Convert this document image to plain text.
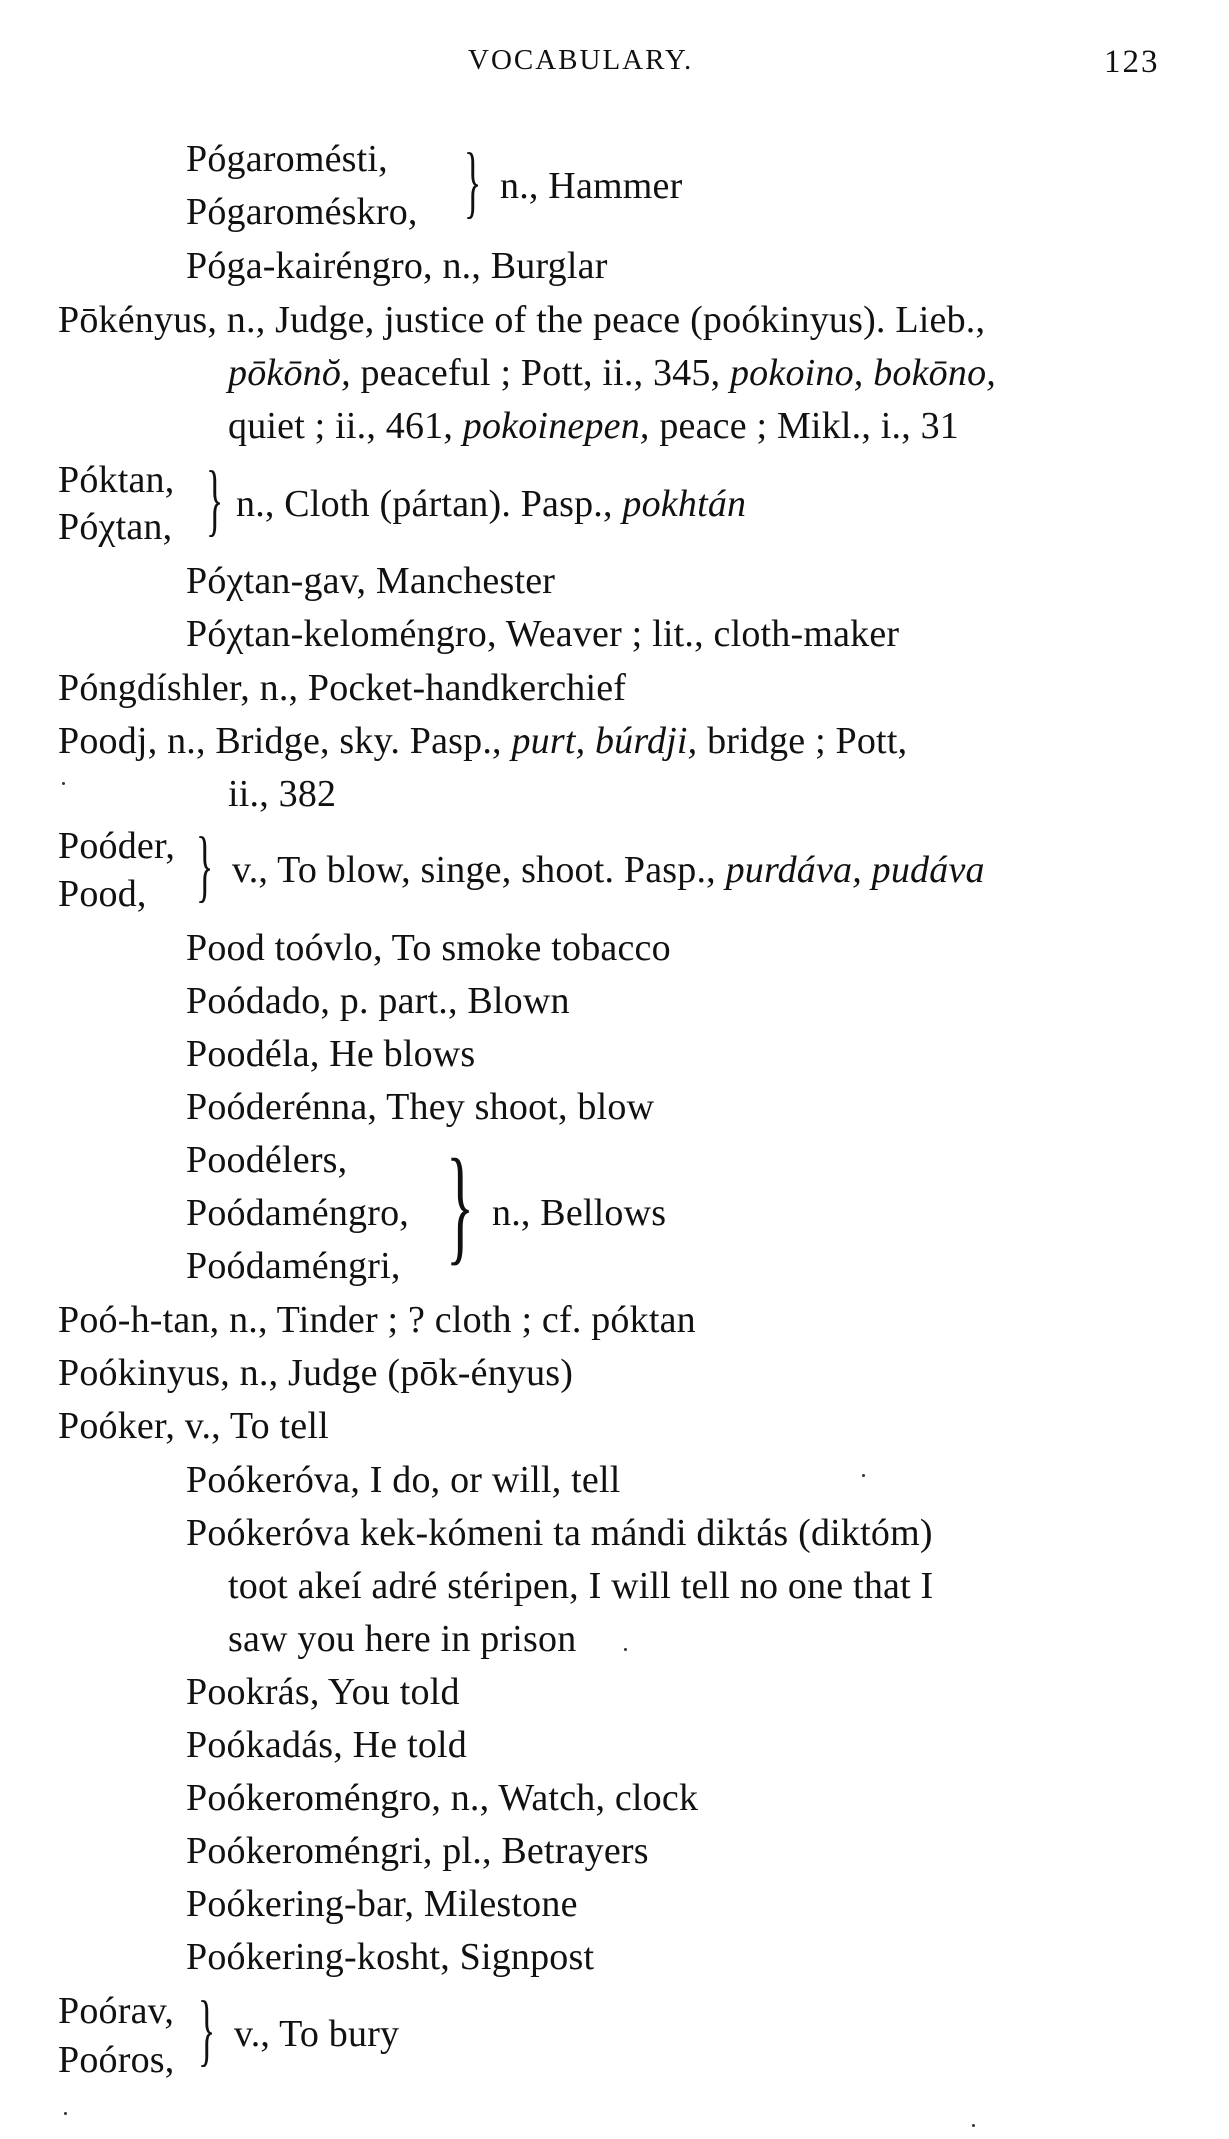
VOCABULARY.	123
Pógaromésti,
Pógaroméskro, } n., Hammer
Póga-kairéngro, n., Burglar
Pōkényus, n., Judge, justice of the peace (poókinyus). Lieb.,
pōkōnŏ, peaceful ; Pott, ii., 345, pokoino, bokōno,
quiet ; ii., 461, pokoinepen, peace ; Mikl., i., 31
Póktan,
Póχtan, } n., Cloth (pártan). Pasp., pokhtán
Póχtan-gav, Manchester
Póχtan-keloméngro, Weaver ; lit., cloth-maker
Póngdíshler, n., Pocket-handkerchief
Poodj, n., Bridge, sky. Pasp., purt, búrdji, bridge ; Pott,
ii., 382
Poóder,
Pood, } v., To blow, singe, shoot. Pasp., purdáva, pudáva
Pood toóvlo, To smoke tobacco
Poódado, p. part., Blown
Poodéla, He blows
Poóderénna, They shoot, blow
Poodélers,
Poódaméngro,
Poódaméngri, } n., Bellows
Poó-h-tan, n., Tinder ; ? cloth ; cf. póktan
Poókinyus, n., Judge (pōk-ényus)
Poóker, v., To tell
Poókeróva, I do, or will, tell
Poókeróva kek-kómeni ta mándi diktás (diktóm)
toot akeí adré stéripen, I will tell no one that I
saw you here in prison
Pookrás, You told
Poókadás, He told
Poókeroméngro, n., Watch, clock
Poókeroméngri, pl., Betrayers
Poókering-bar, Milestone
Poókering-kosht, Signpost
Poórav,
Poóros, } v., To bury
